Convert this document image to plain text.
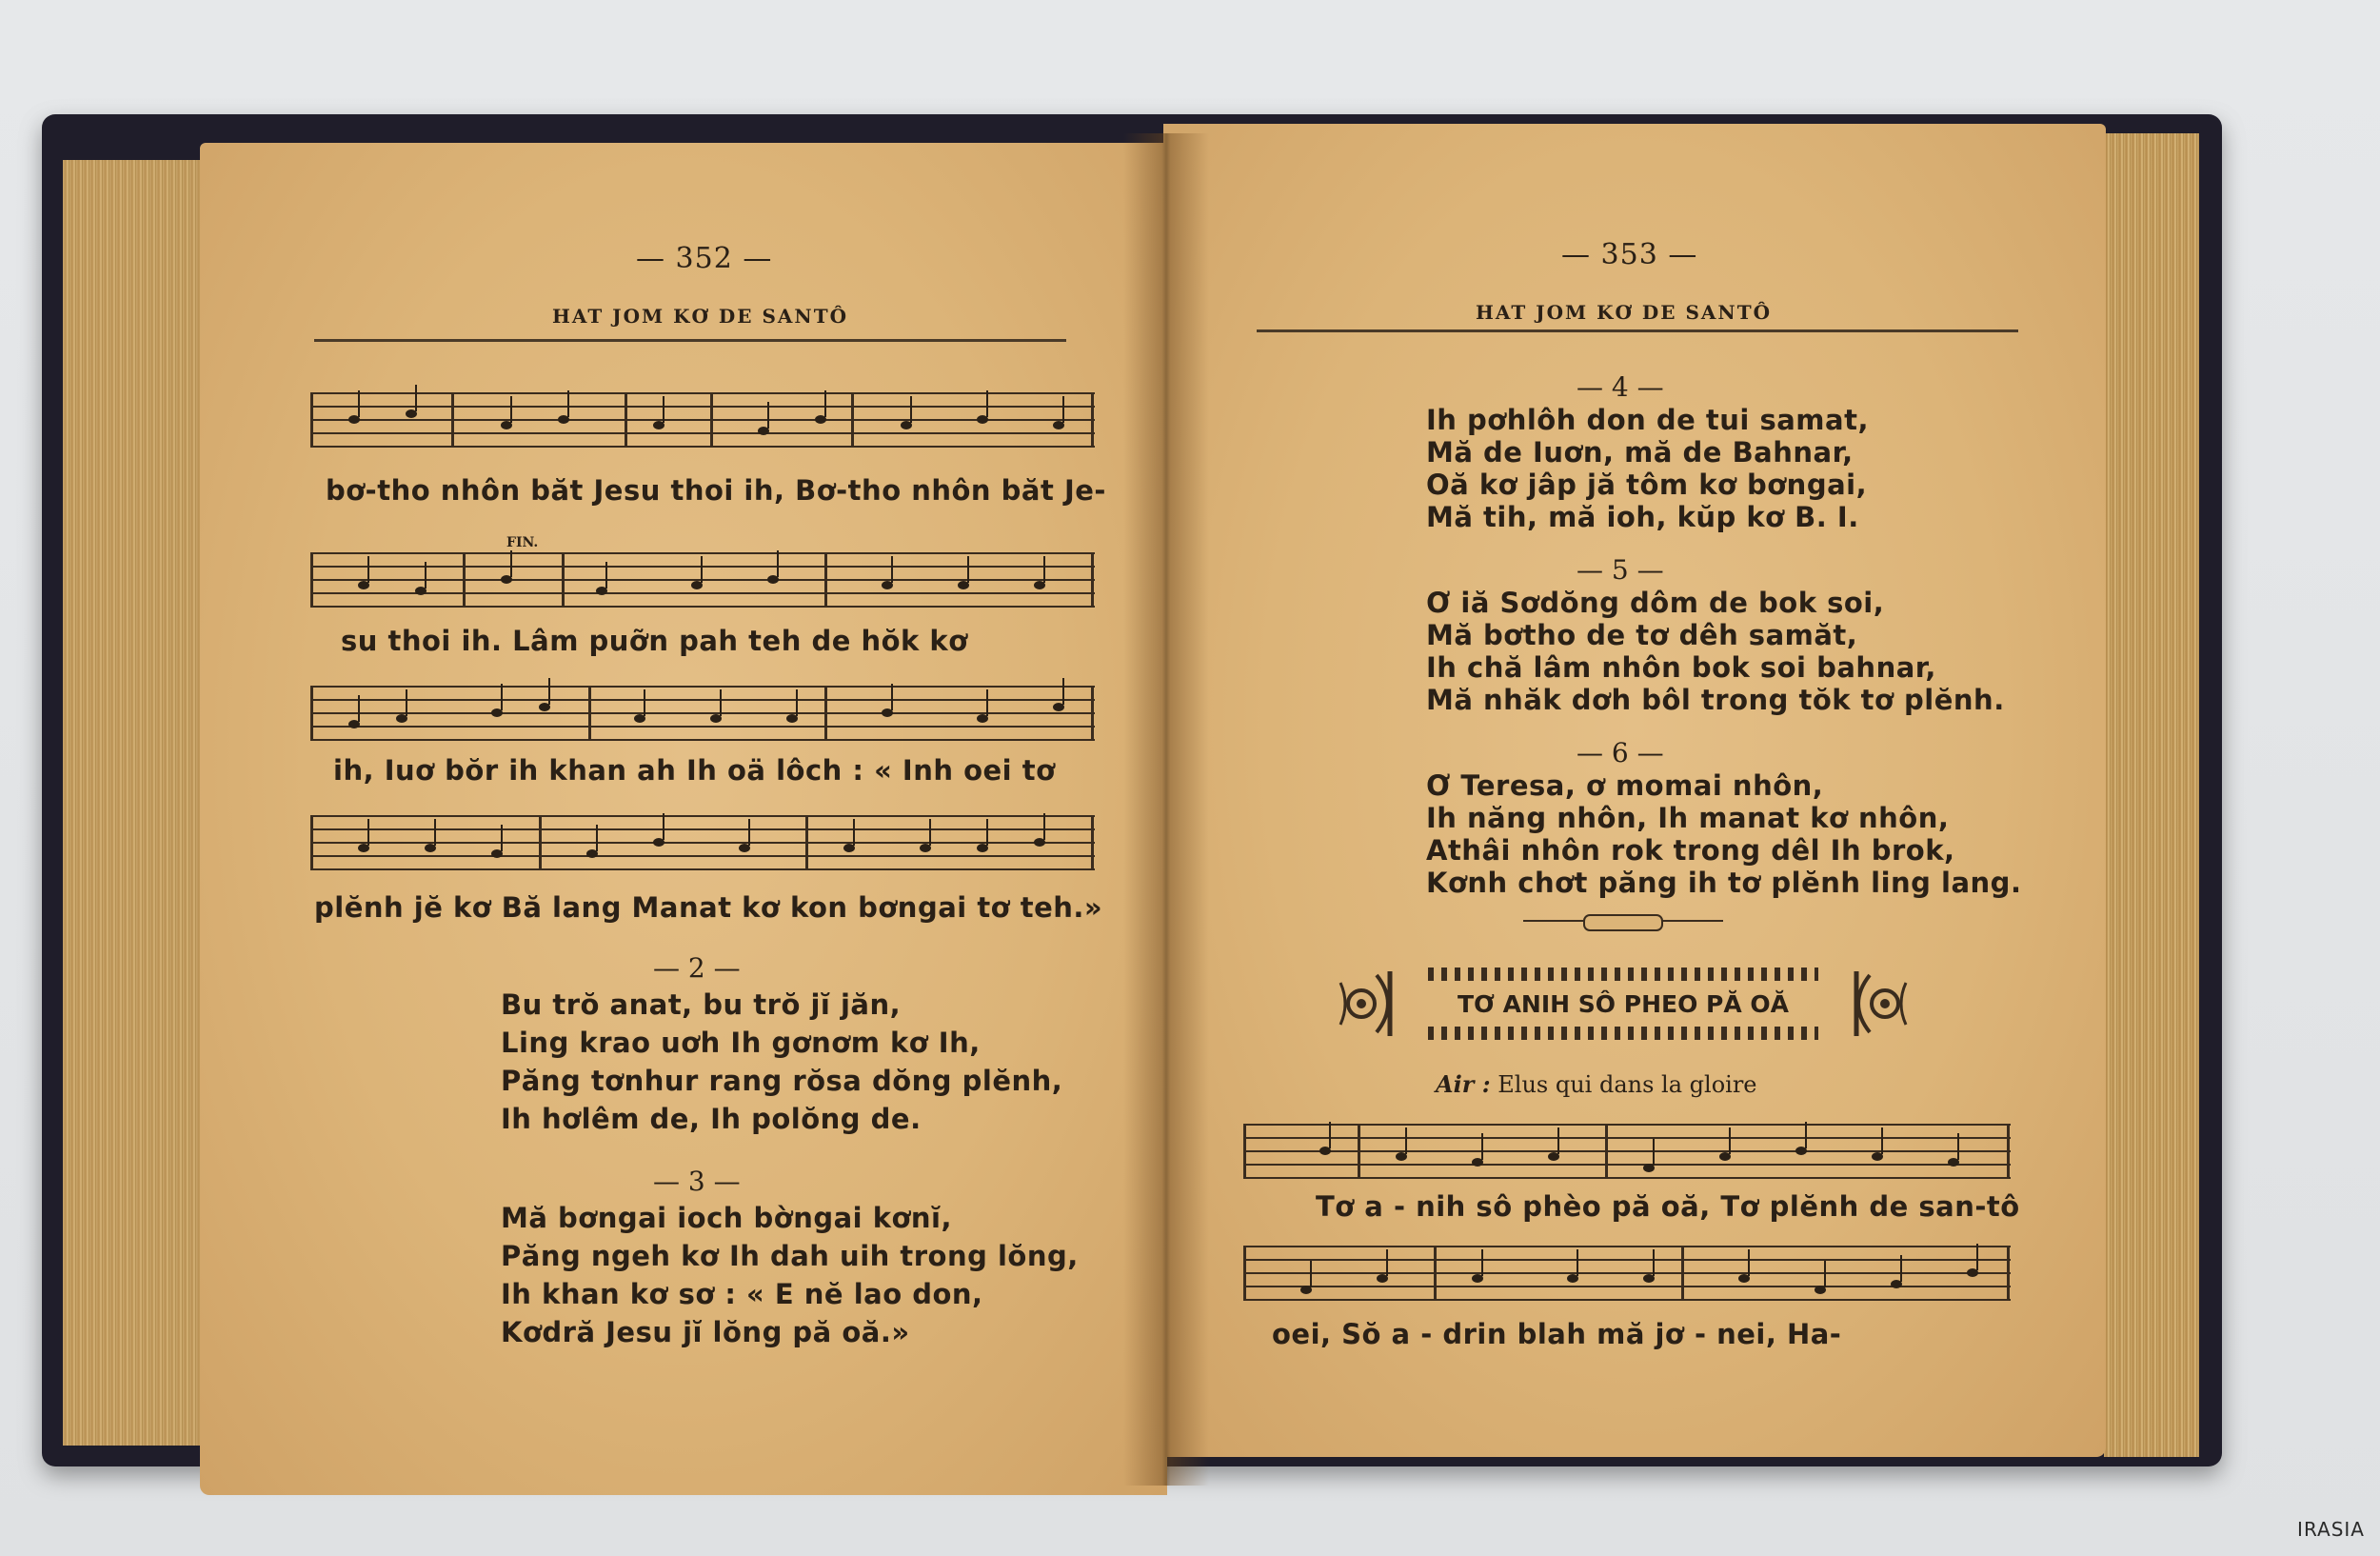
— 352 —
HAT JOM KƠ DE SANTÔ
bơ-tho nhôn băt Jesu thoi ih, Bơ-tho nhôn băt Je-
FIN.
su thoi ih. Lâm puỡn pah teh de hŏk kơ
ih, Iuơ bŏr ih khan ah Ih oä lôch : « Inh oei tơ
plĕnh jĕ kơ Bă lang Manat kơ kon bơngai tơ teh.»
— 2 —
Bu trŏ anat, bu trŏ jĭ jăn,
Ling krao uơh Ih gơnơm kơ Ih,
Păng tơnhur rang rŏsa dŏng plĕnh,
Ih hơlêm de, Ih polŏng de.
— 3 —
Mă bơngai ioch bờngai kơnĭ,
Păng ngeh kơ Ih dah uih trong lŏng,
Ih khan kơ sơ : « E nĕ lao don,
Kơdră Jesu jĭ lŏng pă oă.»
— 353 —
HAT JOM KƠ DE SANTÔ
— 4 —
Ih pơhlôh don de tui samat,
Mă de Iuơn, mă de Bahnar,
Oă kơ jâp jă tôm kơ bơngai,
Mă tih, mă ioh, kŭp kơ B. I.
— 5 —
Ơ iă Sơdŏng dôm de bok soi,
Mă bơtho de tơ dêh samăt,
Ih chă lâm nhôn bok soi bahnar,
Mă nhăk dơh bôl trong tŏk tơ plĕnh.
— 6 —
Ơ Teresa, ơ momai nhôn,
Ih năng nhôn, Ih manat kơ nhôn,
Athâi nhôn rok trong dêl Ih brok,
Kơnh chơt păng ih tơ plĕnh ling lang.
TƠ ANIH SÔ PHEO PĂ OĂ
Air : Elus qui dans la gloire
Tơ a - nih sô phèo pă oă, Tơ plĕnh de san-tô
oei, Sŏ a - drin blah mă jơ - nei, Ha-
IRASIA
